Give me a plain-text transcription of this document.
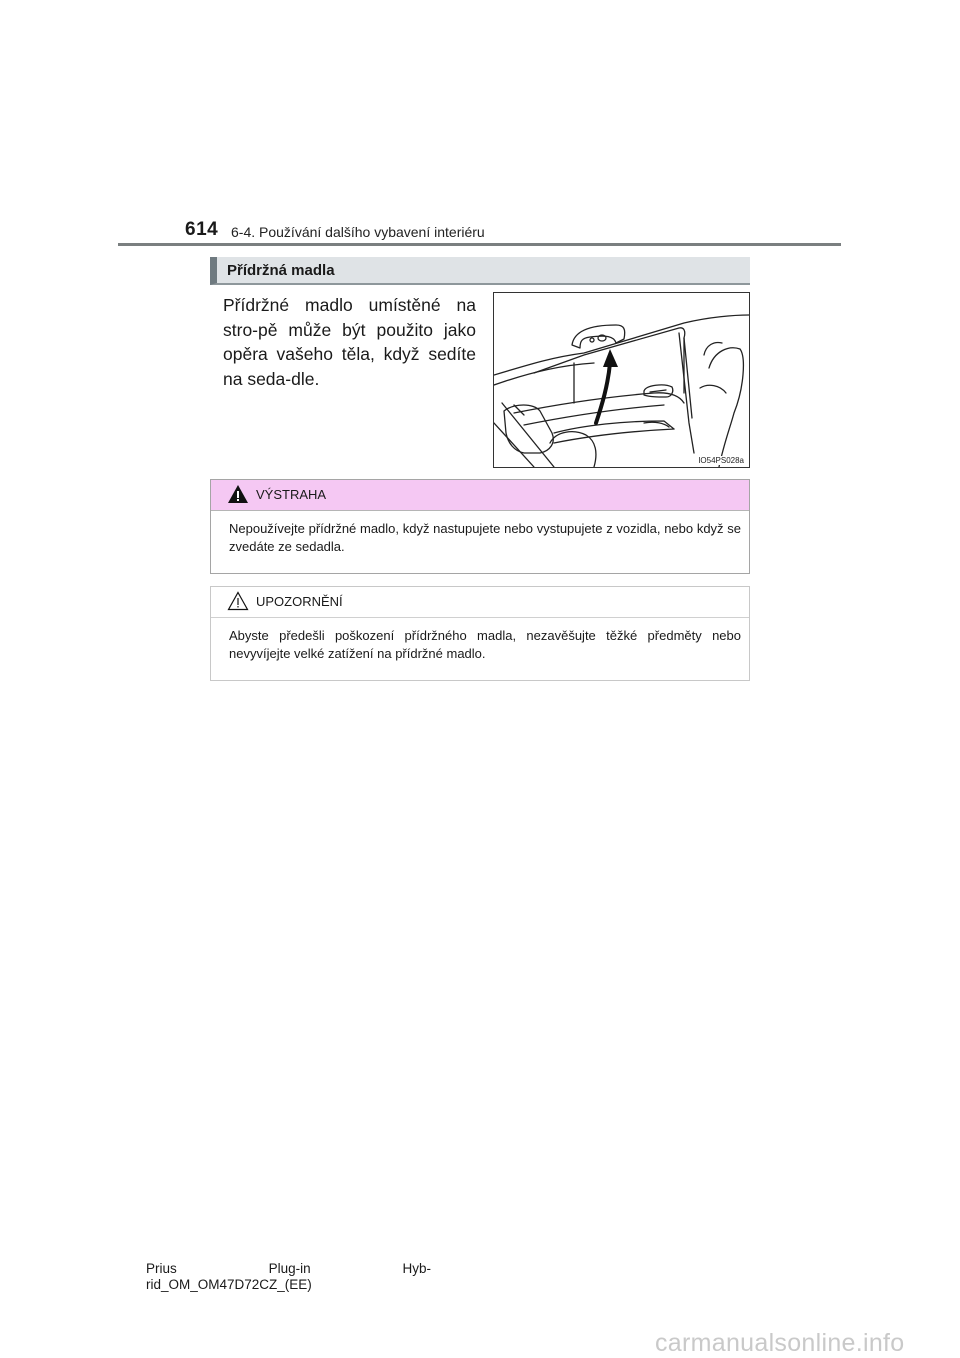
614 6-4. Používání dalšího vybavení interiéru
Přídržná madla
Přídržné madlo umístěné na stro-pě může být použito jako opěra vašeho těla, když sedíte na seda-dle.
IO54PS028a
VÝSTRAHA
Nepoužívejte přídržné madlo, když nastupujete nebo vystupujete z vozidla, nebo když se zvedáte ze sedadla.
UPOZORNĚNÍ
Abyste předešli poškození přídržného madla, nezavěšujte těžké předměty nebo nevyvíjejte velké zatížení na přídržné madlo.
Prius	Plug-in	Hyb-
rid_OM_OM47D72CZ_(EE)
carmanualsonline.info
